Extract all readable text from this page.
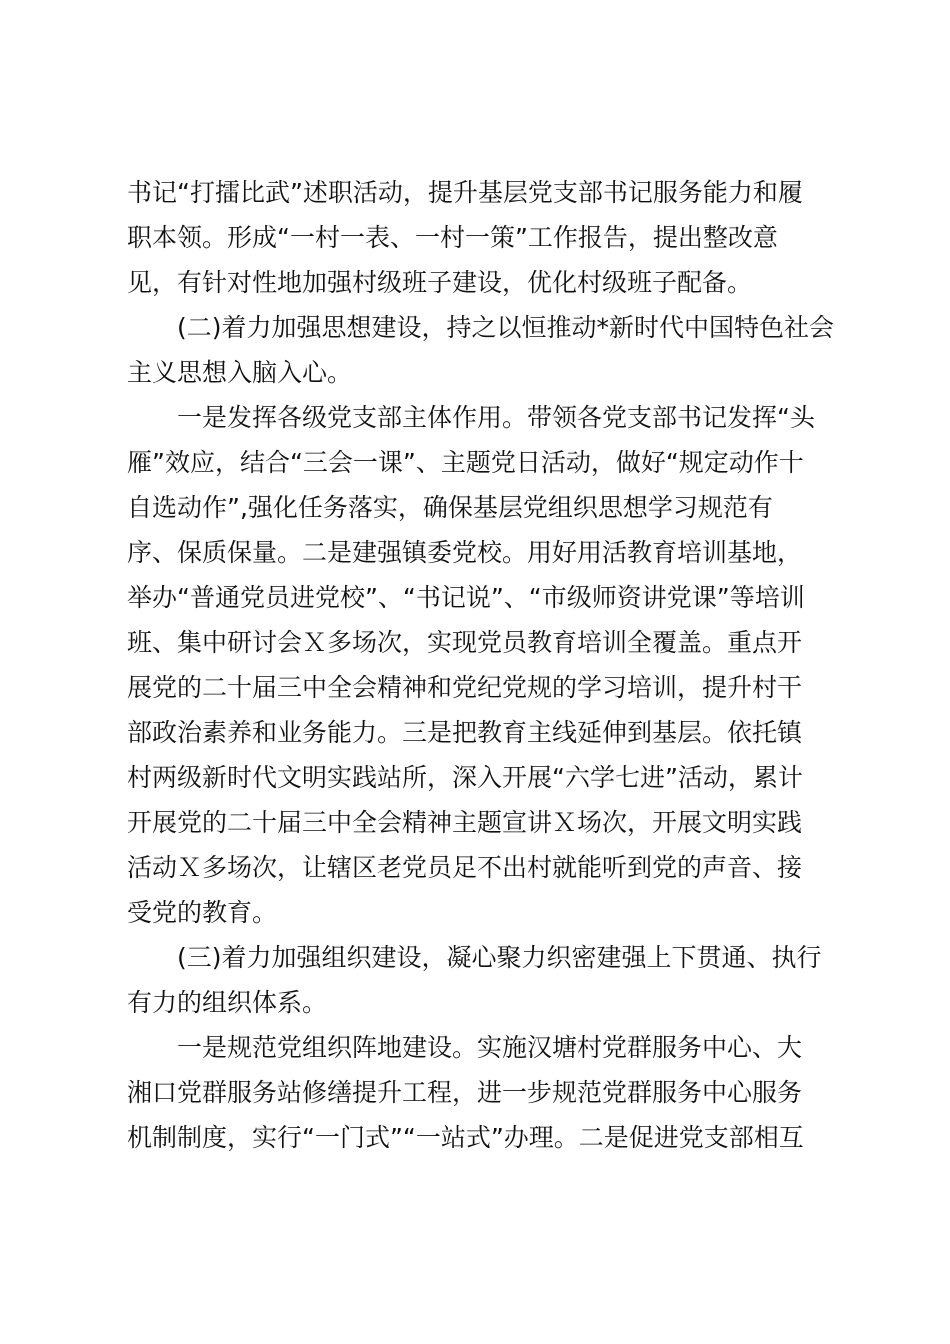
书记“打擂比武”述职活动，提升基层党支部书记服务能力和履
职本领。形成“一村一表、一村一策”工作报告，提出整改意
见，有针对性地加强村级班子建设，优化村级班子配备。
(二)着力加强思想建设，持之以恒推动*新时代中国特色社会
主义思想入脑入心。
一是发挥各级党支部主体作用。带领各党支部书记发挥“头
雁”效应，结合“三会一课”、主题党日活动，做好“规定动作十
自选动作”,强化任务落实，确保基层党组织思想学习规范有
序、保质保量。二是建强镇委党校。用好用活教育培训基地，
举办“普通党员进党校”、“书记说”、“市级师资讲党课”等培训
班、集中研讨会Ｘ多场次，实现党员教育培训全覆盖。重点开
展党的二十届三中全会精神和党纪党规的学习培训，提升村干
部政治素养和业务能力。三是把教育主线延伸到基层。依托镇
村两级新时代文明实践站所，深入开展“六学七进”活动，累计
开展党的二十届三中全会精神主题宣讲Ｘ场次，开展文明实践
活动Ｘ多场次，让辖区老党员足不出村就能听到党的声音、接
受党的教育。
(三)着力加强组织建设，凝心聚力织密建强上下贯通、执行
有力的组织体系。
一是规范党组织阵地建设。实施汉塘村党群服务中心、大
湘口党群服务站修缮提升工程，进一步规范党群服务中心服务
机制制度，实行“一门式”“一站式”办理。二是促进党支部相互
